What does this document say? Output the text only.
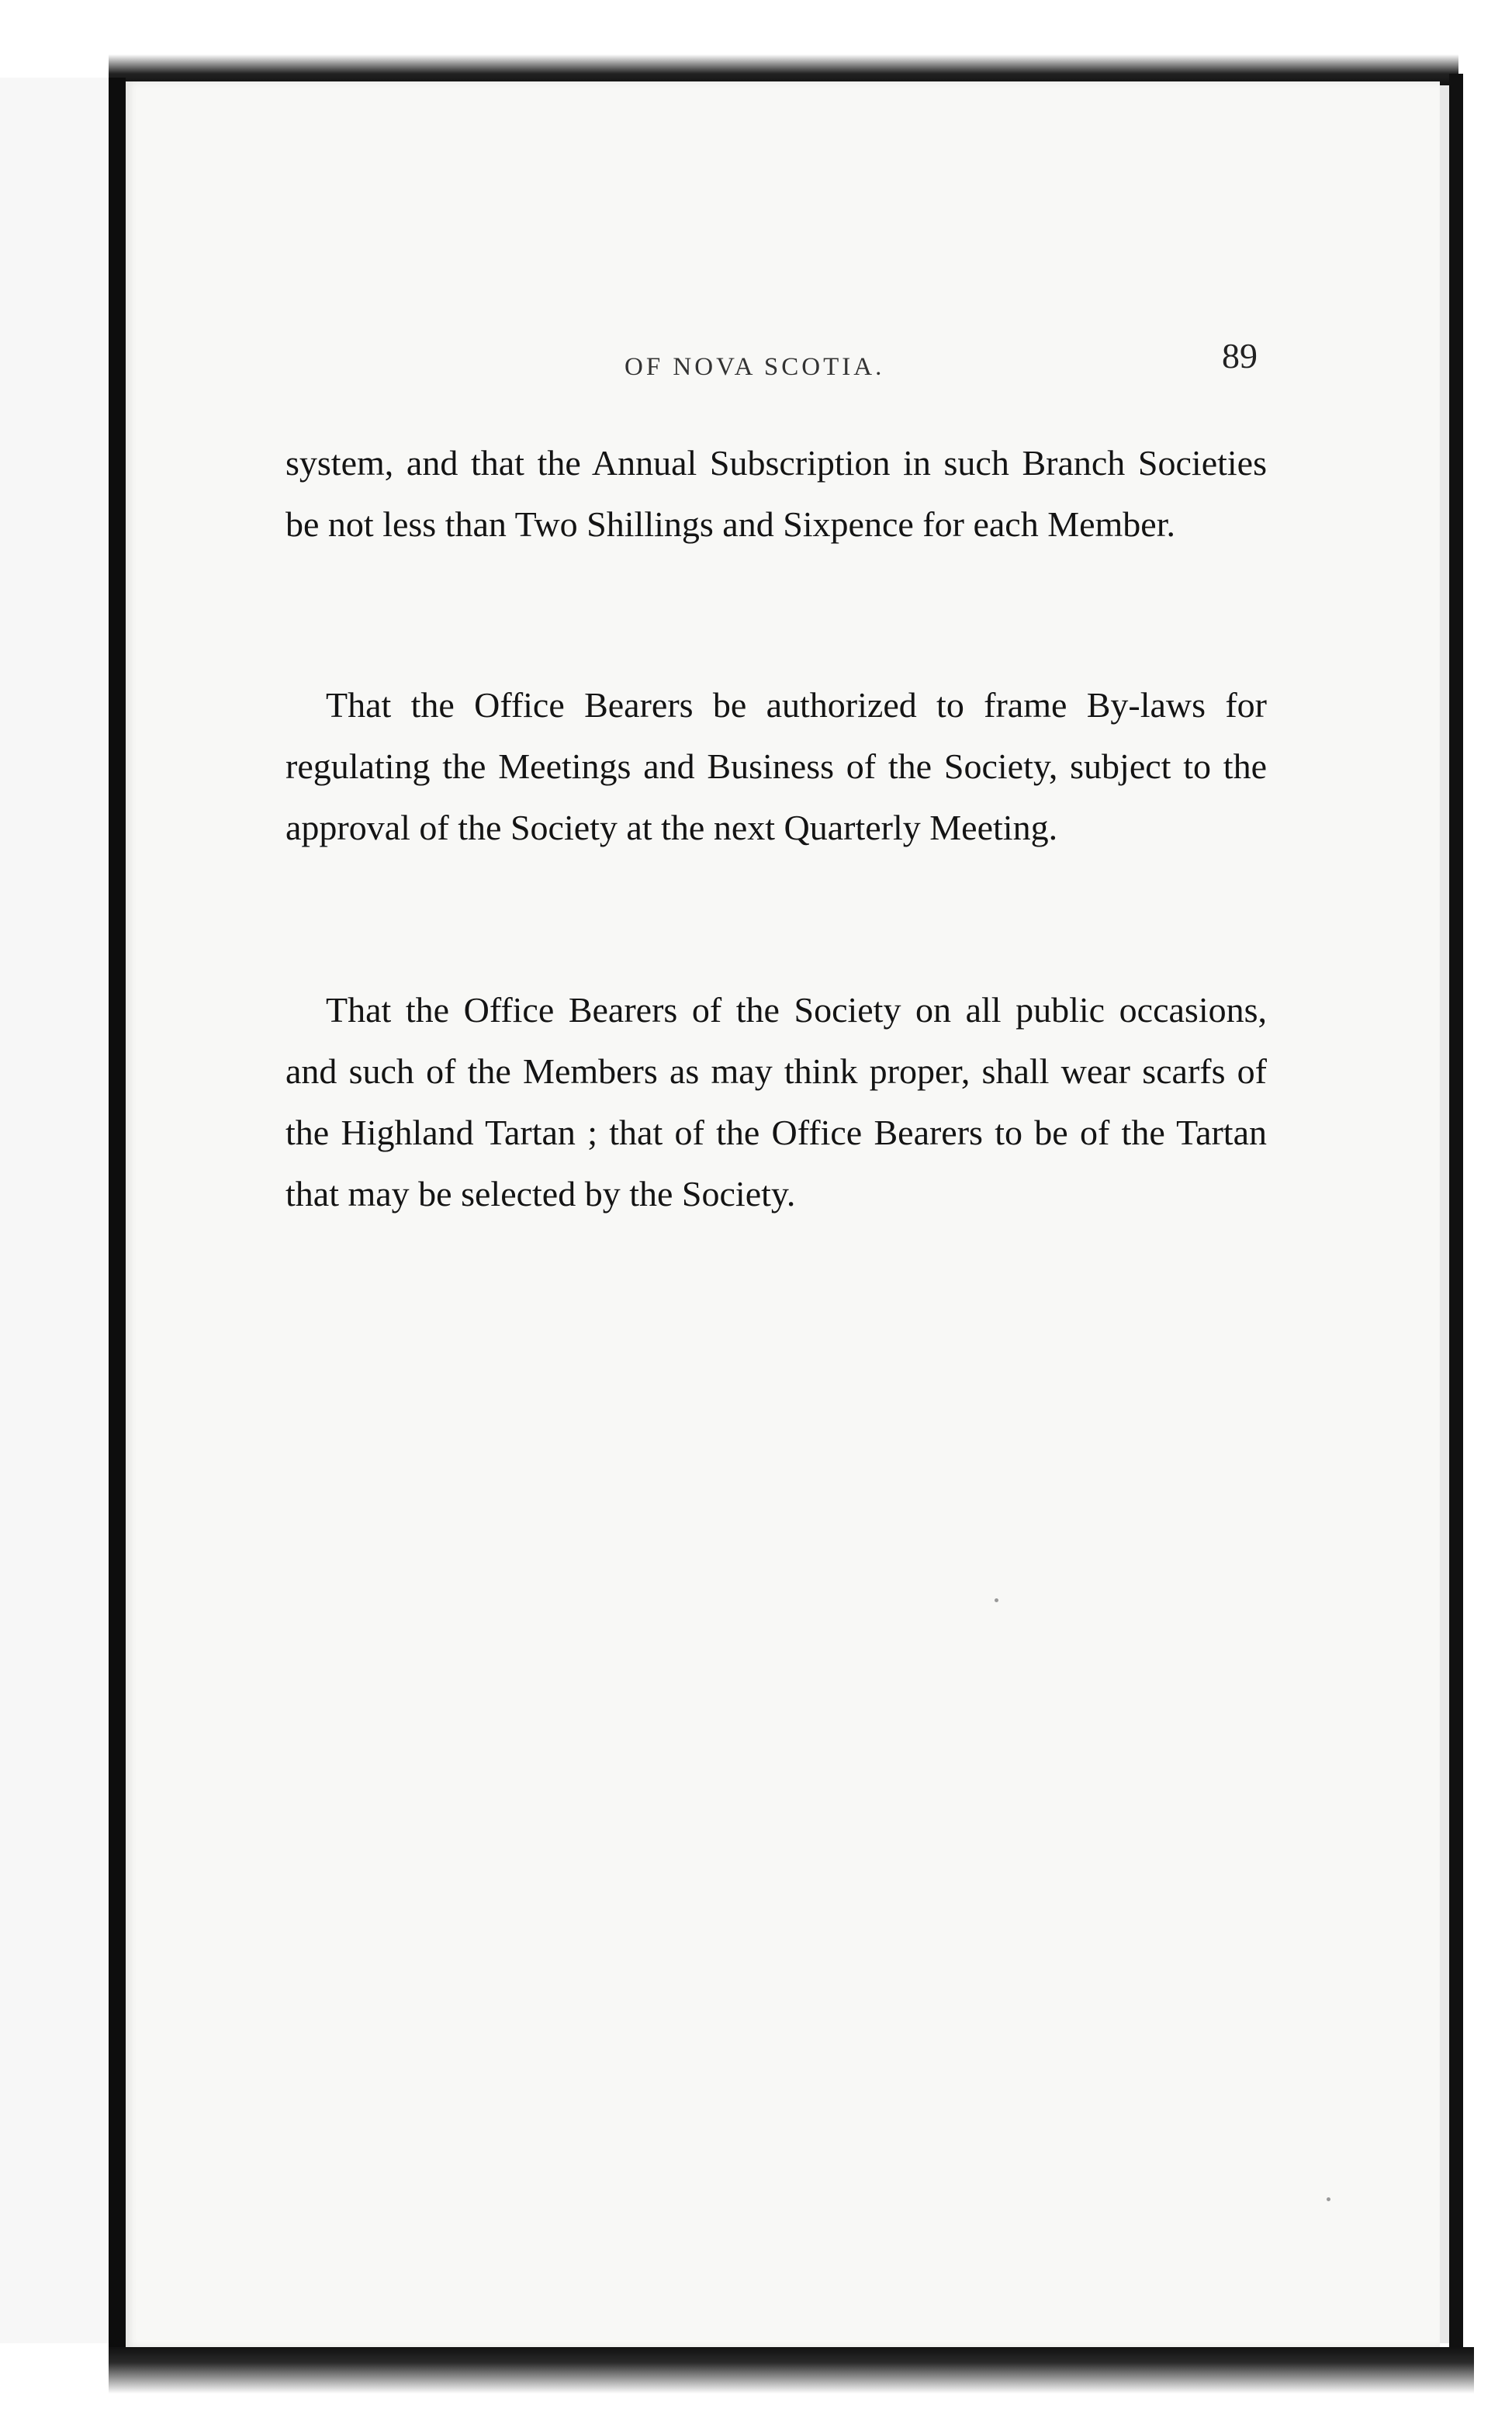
OF NOVA SCOTIA.	89

system, and that the Annual Subscription in such Branch Societies be not less than Two Shillings and Sixpence for each Member.

That the Office Bearers be authorized to frame By-laws for regulating the Meetings and Business of the Society, subject to the approval of the Society at the next Quarterly Meeting.

That the Office Bearers of the Society on all public occasions, and such of the Members as may think proper, shall wear scarfs of the Highland Tartan ; that of the Office Bearers to be of the Tartan that may be selected by the Society.
